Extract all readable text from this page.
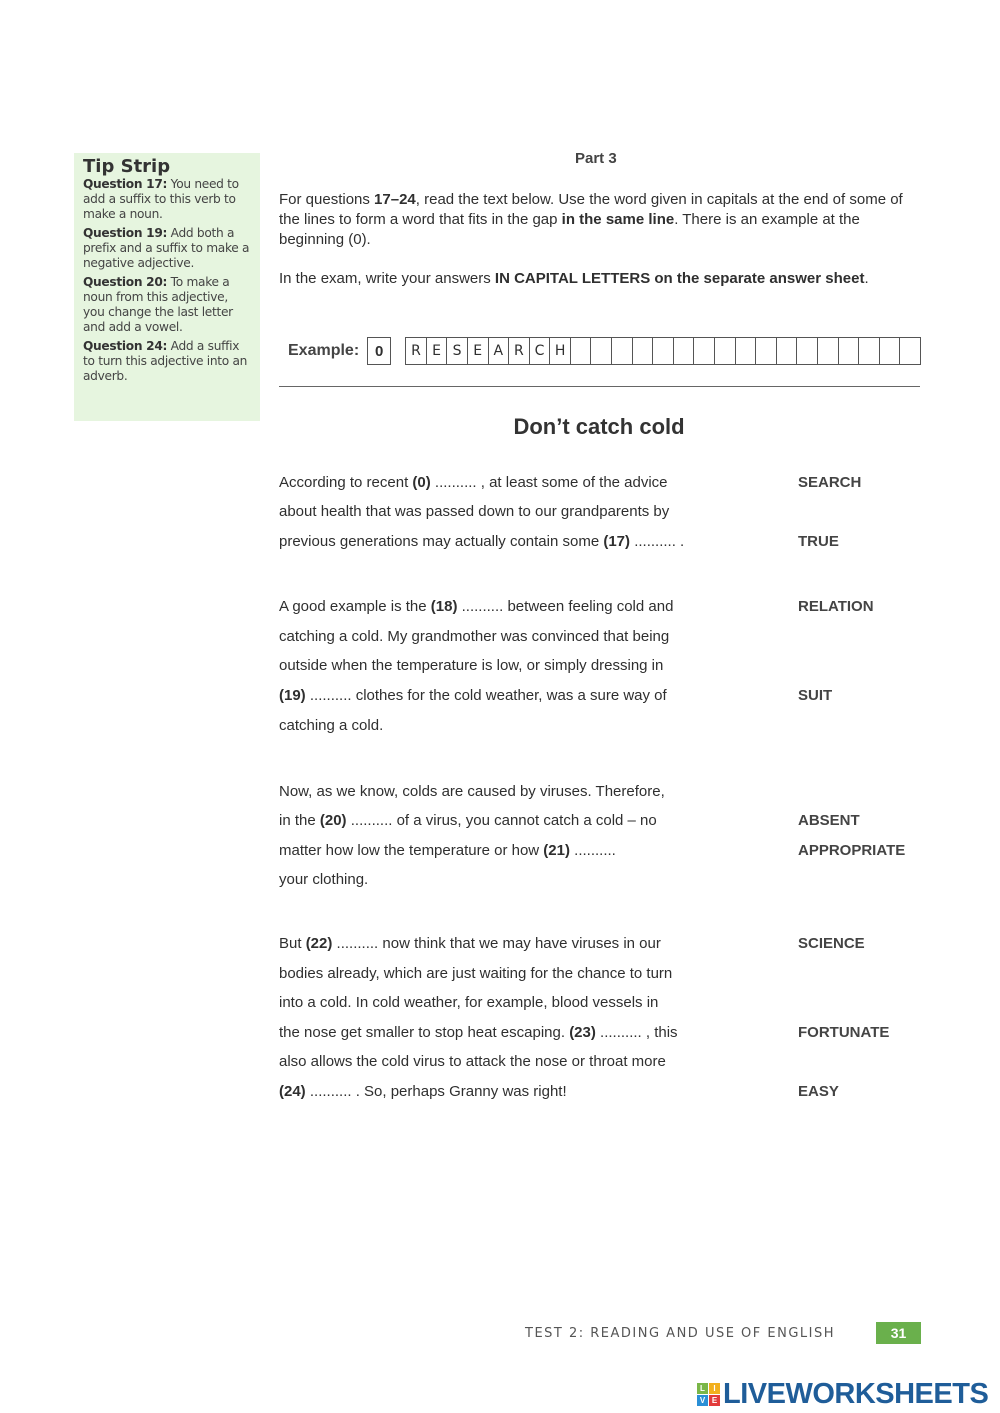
Tip Strip

Question 17: You need to add a suffix to this verb to make a noun.

Question 19: Add both a prefix and a suffix to make a negative adjective.

Question 20: To make a noun from this adjective, you change the last letter and add a vowel.

Question 24: Add a suffix to turn this adjective into an adverb.

Part 3
For questions 17–24, read the text below. Use the word given in capitals at the end of some of the lines to form a word that fits in the gap in the same line. There is an example at the beginning (0).
In the exam, write your answers IN CAPITAL LETTERS on the separate answer sheet.
Example:	0	R E S E A R C H
Don’t catch cold
According to recent (0) .......... , at least some of the advice
about health that was passed down to our grandparents by
previous generations may actually contain some (17) .......... .
A good example is the (18) .......... between feeling cold and
catching a cold. My grandmother was convinced that being
outside when the temperature is low, or simply dressing in
(19) .......... clothes for the cold weather, was a sure way of
catching a cold.
Now, as we know, colds are caused by viruses. Therefore,
in the (20) .......... of a virus, you cannot catch a cold – no
matter how low the temperature or how (21) ..........
your clothing.
But (22) .......... now think that we may have viruses in our
bodies already, which are just waiting for the chance to turn
into a cold. In cold weather, for example, blood vessels in
the nose get smaller to stop heat escaping. (23) .......... , this
also allows the cold virus to attack the nose or throat more
(24) .......... . So, perhaps Granny was right!
SEARCH
TRUE
RELATION
SUIT
ABSENT
APPROPRIATE
SCIENCE
FORTUNATE
EASY
TEST 2: READING AND USE OF ENGLISH	31
L	I
V E LIVEWORKSHEETS
